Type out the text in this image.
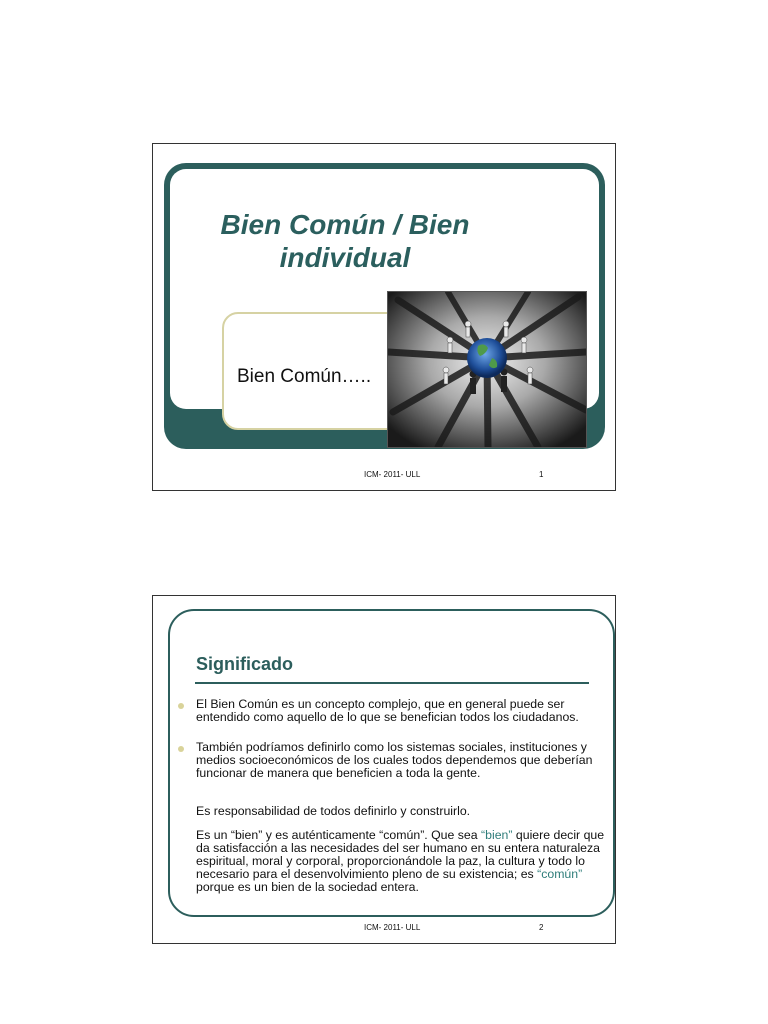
Bien Común / Bien individual
Bien Común…..
ICM- 2011- ULL	1
Significado
El Bien Común es un concepto complejo, que en general puede ser entendido como aquello de lo que se benefician todos los ciudadanos.
También podríamos definirlo como los sistemas sociales, instituciones y medios socioeconómicos de los cuales todos dependemos que deberían funcionar de manera que beneficien a toda la gente.
Es responsabilidad de todos definirlo y construirlo.
Es un “bien” y es auténticamente “común”. Que sea “bien” quiere decir que da satisfacción a las necesidades del ser humano en su entera naturaleza espiritual, moral y corporal, proporcionándole la paz, la cultura y todo lo necesario para el desenvolvimiento pleno de su existencia; es “común” porque es un bien de la sociedad entera.
ICM- 2011- ULL	2
